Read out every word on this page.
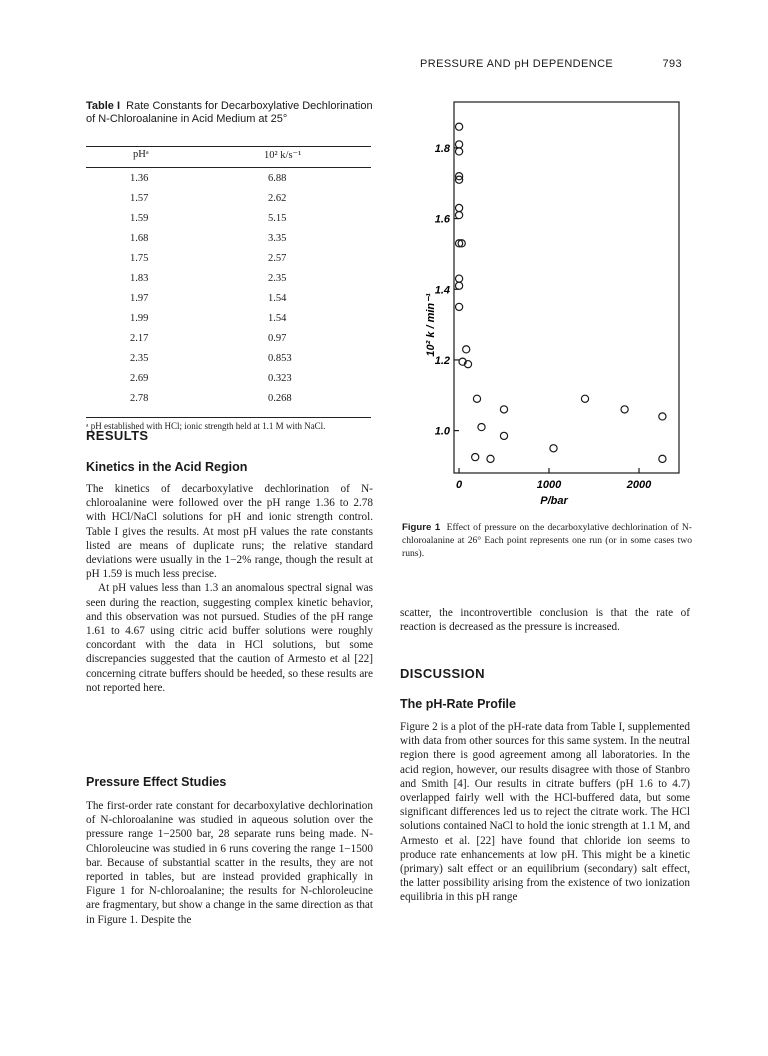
PRESSURE AND pH DEPENDENCE	793
Table I Rate Constants for Decarboxylative Dechlorination of N-Chloroalanine in Acid Medium at 25°
pHᵃ	10² k/s⁻¹
1.36	6.88
1.57	2.62
1.59	5.15
1.68	3.35
1.75	2.57
1.83	2.35
1.97	1.54
1.99	1.54
2.17	0.97
2.35	0.853
2.69	0.323
2.78	0.268
ᵃ pH established with HCl; ionic strength held at 1.1 M with NaCl.
RESULTS
Kinetics in the Acid Region

The kinetics of decarboxylative dechlorination of N-chloroalanine were followed over the pH range 1.36 to 2.78 with HCl/NaCl solutions for pH and ionic strength control. Table I gives the results. At most pH values the rate constants listed are means of duplicate runs; the relative standard deviations were usually in the 1−2% range, though the result at pH 1.59 is much less precise.

At pH values less than 1.3 an anomalous spectral signal was seen during the reaction, suggesting complex kinetic behavior, and this observation was not pursued. Studies of the pH range 1.61 to 4.67 using citric acid buffer solutions were roughly concordant with the data in HCl solutions, but some discrepancies suggested that the caution of Armesto et al [22] concerning citrate buffers should be heeded, so these results are not reported here.

Pressure Effect Studies
The first-order rate constant for decarboxylative dechlorination of N-chloroalanine was studied in aqueous solution over the pressure range 1−2500 bar, 28 separate runs being made. N-Chloroleucine was studied in 6 runs covering the range 1−1500 bar. Because of substantial scatter in the results, they are not reported in tables, but are instead provided graphically in Figure 1 for N-chloroalanine; the results for N-chloroleucine are fragmentary, but show a change in the same direction as that in Figure 1. Despite the
1.0
1.2
1.4
1.6
1.8
0	1000	2000
10² k / min⁻¹
P/bar
Figure 1 Effect of pressure on the decarboxylative dechlorination of N-chloroalanine at 26° Each point represents one run (or in some cases two runs).
scatter, the incontrovertible conclusion is that the rate of reaction is decreased as the pressure is increased.
DISCUSSION
The pH-Rate Profile
Figure 2 is a plot of the pH-rate data from Table I, supplemented with data from other sources for this same system. In the neutral region there is good agreement among all laboratories. In the acid region, however, our results disagree with those of Stanbro and Smith [4]. Our results in citrate buffers (pH 1.6 to 4.7) overlapped fairly well with the HCl-buffered data, but some significant differences led us to reject the citrate work. The HCl solutions contained NaCl to hold the ionic strength at 1.1 M, and Armesto et al. [22] have found that chloride ion seems to produce rate enhancements at low pH. This might be a kinetic (primary) salt effect or an equilibrium (secondary) salt effect, the latter possibility arising from the existence of two ionization equilibria in this pH range
